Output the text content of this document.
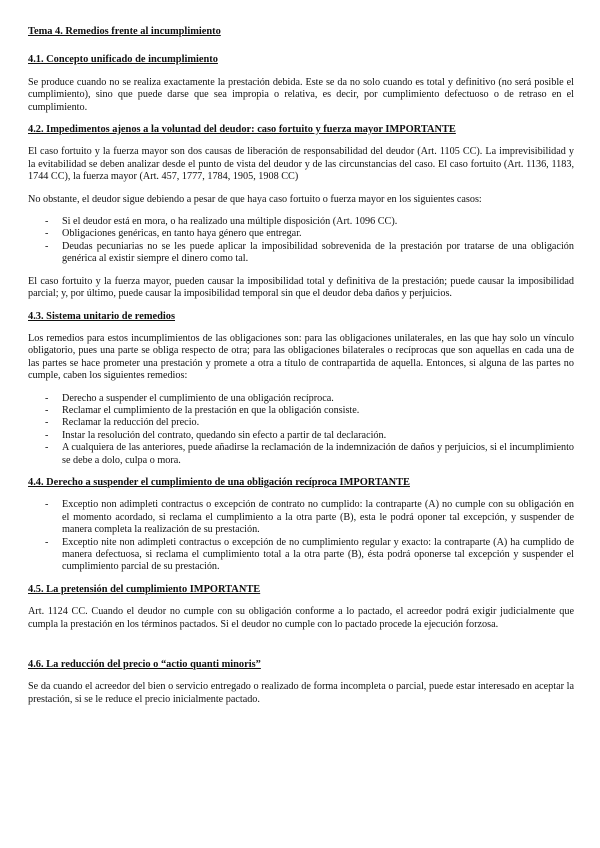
Tema 4. Remedios frente al incumplimiento
4.1. Concepto unificado de incumplimiento

Se produce cuando no se realiza exactamente la prestación debida. Este se da no solo cuando es total y definitivo (no será posible el cumplimiento), sino que puede darse que sea impropia o relativa, es decir, por cumplimiento defectuoso o de retraso en el cumplimiento.

4.2. Impedimentos ajenos a la voluntad del deudor: caso fortuito y fuerza mayor IMPORTANTE

El caso fortuito y la fuerza mayor son dos causas de liberación de responsabilidad del deudor (Art. 1105 CC). La imprevisibilidad y la evitabilidad se deben analizar desde el punto de vista del deudor y de las circunstancias del caso. El caso fortuito (Art. 1136, 1183, 1744 CC), la fuerza mayor (Art. 457, 1777, 1784, 1905, 1908 CC)

No obstante, el deudor sigue debiendo a pesar de que haya caso fortuito o fuerza mayor en los siguientes casos:

- Si el deudor está en mora, o ha realizado una múltiple disposición (Art. 1096 CC).
- Obligaciones genéricas, en tanto haya género que entregar.
- Deudas pecuniarias no se les puede aplicar la imposibilidad sobrevenida de la prestación por tratarse de una obligación genérica al existir siempre el dinero como tal.

El caso fortuito y la fuerza mayor, pueden causar la imposibilidad total y definitiva de la prestación; puede causar la imposibilidad parcial; y, por último, puede causar la imposibilidad temporal sin que el deudor deba daños y perjuicios.

4.3. Sistema unitario de remedios

Los remedios para estos incumplimientos de las obligaciones son: para las obligaciones unilaterales, en las que hay solo un vínculo obligatorio, pues una parte se obliga respecto de otra; para las obligaciones bilaterales o recíprocas que son aquellas en cada una de las partes se hace prometer una prestación y promete a otra a título de contrapartida de aquella. Entonces, si alguna de las partes no cumple, caben los siguientes remedios:

- Derecho a suspender el cumplimiento de una obligación recíproca.
- Reclamar el cumplimiento de la prestación en que la obligación consiste.
- Reclamar la reducción del precio.
- Instar la resolución del contrato, quedando sin efecto a partir de tal declaración.
- A cualquiera de las anteriores, puede añadirse la reclamación de la indemnización de daños y perjuicios, si el incumplimiento se debe a dolo, culpa o mora.
4.4. Derecho a suspender el cumplimiento de una obligación recíproca IMPORTANTE
- Exceptio non adimpleti contractus o excepción de contrato no cumplido: la contraparte (A) no cumple con su obligación en el momento acordado, si reclama el cumplimiento a la otra parte (B), esta le podrá oponer tal excepción, y suspender de manera completa la realización de su prestación.
- Exceptio nite non adimpleti contractus o excepción de no cumplimiento regular y exacto: la contraparte (A) ha cumplido de manera defectuosa, si reclama el cumplimiento total a la otra parte (B), ésta podrá oponerse tal excepción y suspender el cumplimiento parcial de su prestación.
4.5. La pretensión del cumplimiento IMPORTANTE

Art. 1124 CC. Cuando el deudor no cumple con su obligación conforme a lo pactado, el acreedor podrá exigir judicialmente que cumpla la prestación en los términos pactados. Si el deudor no cumple con lo pactado procede la ejecución forzosa.

4.6. La reducción del precio o “actio quanti minoris”

Se da cuando el acreedor del bien o servicio entregado o realizado de forma incompleta o parcial, puede estar interesado en aceptar la prestación, si se le reduce el precio inicialmente pactado.
